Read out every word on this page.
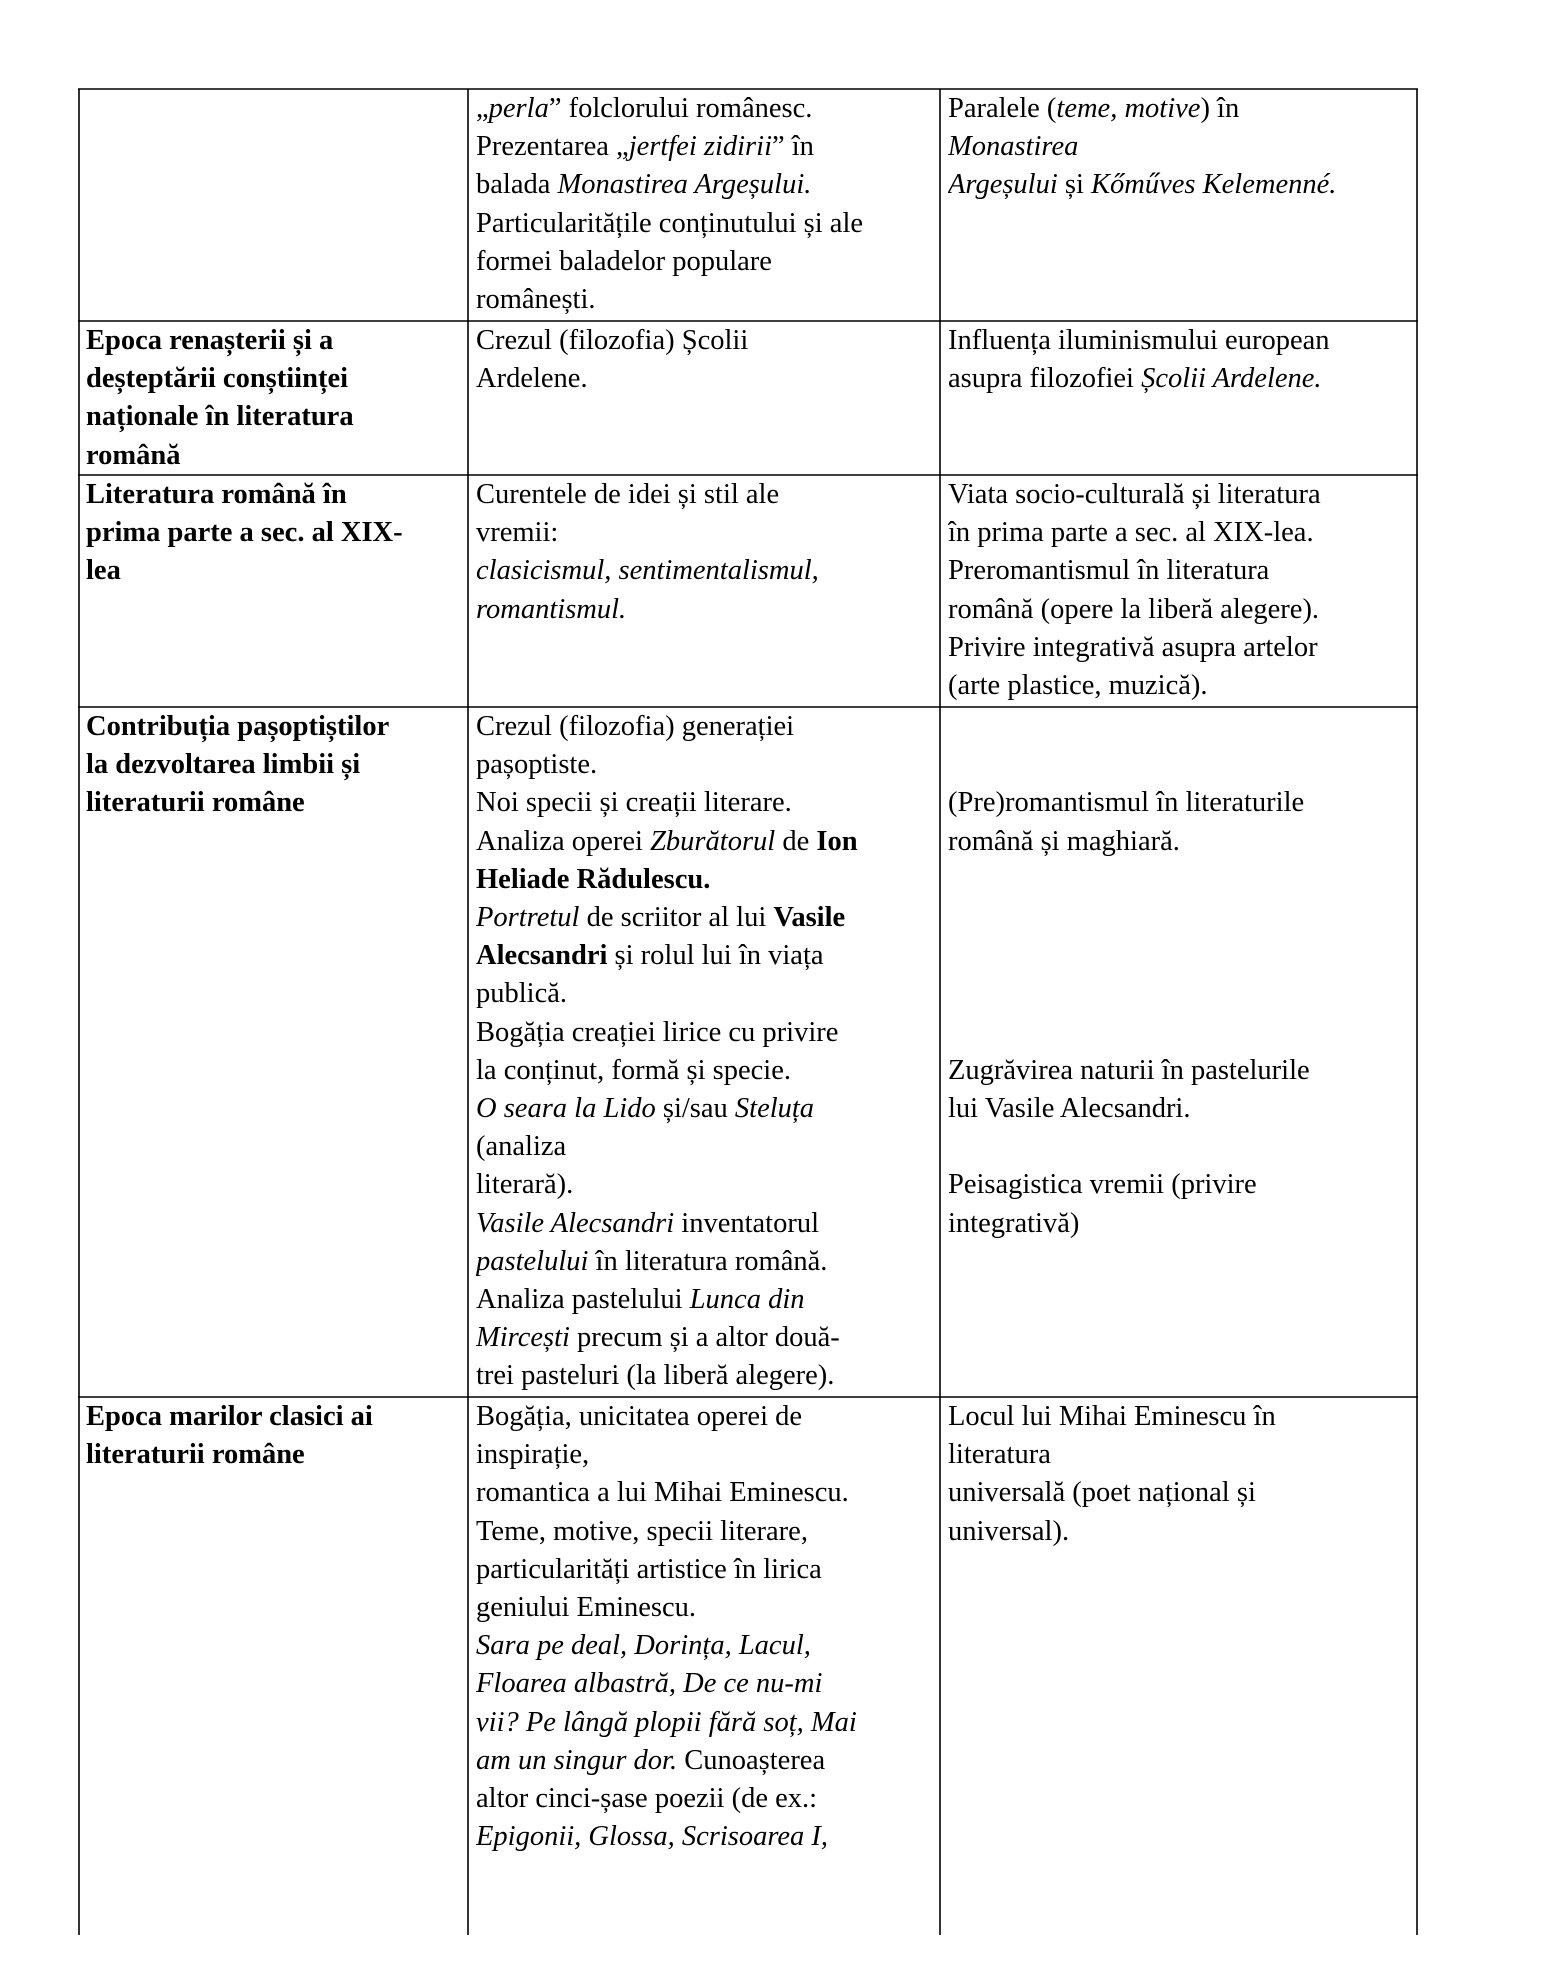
„perla” folclorului românesc.
Prezentarea „jertfei zidirii” în
balada Monastirea Argeșului.
Particularitățile conținutului și ale
formei baladelor populare
românești.
Paralele (teme, motive) în
Monastirea
Argeșului și Kőműves Kelemenné.
Epoca renașterii și a
deșteptării conștiinței
naționale în literatura
română
Crezul (filozofia) Școlii
Ardelene.
Influența iluminismului european
asupra filozofiei Școlii Ardelene.
Literatura română în
prima parte a sec. al XIX-
lea
Curentele de idei și stil ale
vremii:
clasicismul, sentimentalismul,
romantismul.
Viata socio-culturală și literatura
în prima parte a sec. al XIX-lea.
Preromantismul în literatura
română (opere la liberă alegere).
Privire integrativă asupra artelor
(arte plastice, muzică).
Contribuția pașoptiștilor
la dezvoltarea limbii și
literaturii române
Crezul (filozofia) generației
pașoptiste.
Noi specii și creații literare.
Analiza operei Zburătorul de Ion
Heliade Rădulescu.
Portretul de scriitor al lui Vasile
Alecsandri și rolul lui în viața
publică.
Bogăția creației lirice cu privire
la conținut, formă și specie.
O seara la Lido și/sau Steluța
(analiza
literară).
Vasile Alecsandri inventatorul
pastelului în literatura română.
Analiza pastelului Lunca din
Mircești precum și a altor două-
trei pasteluri (la liberă alegere).

(Pre)romantismul în literaturile
română și maghiară.

Zugrăvirea naturii în pastelurile
lui Vasile Alecsandri.

Peisagistica vremii (privire
integrativă)
Epoca marilor clasici ai
literaturii române
Bogăția, unicitatea operei de
inspirație,
romantica a lui Mihai Eminescu.
Teme, motive, specii literare,
particularități artistice în lirica
geniului Eminescu.
Sara pe deal, Dorința, Lacul,
Floarea albastră, De ce nu-mi
vii? Pe lângă plopii fără soț, Mai
am un singur dor. Cunoașterea
altor cinci-șase poezii (de ex.:
Epigonii, Glossa, Scrisoarea I,
Locul lui Mihai Eminescu în
literatura
universală (poet național și
universal).
